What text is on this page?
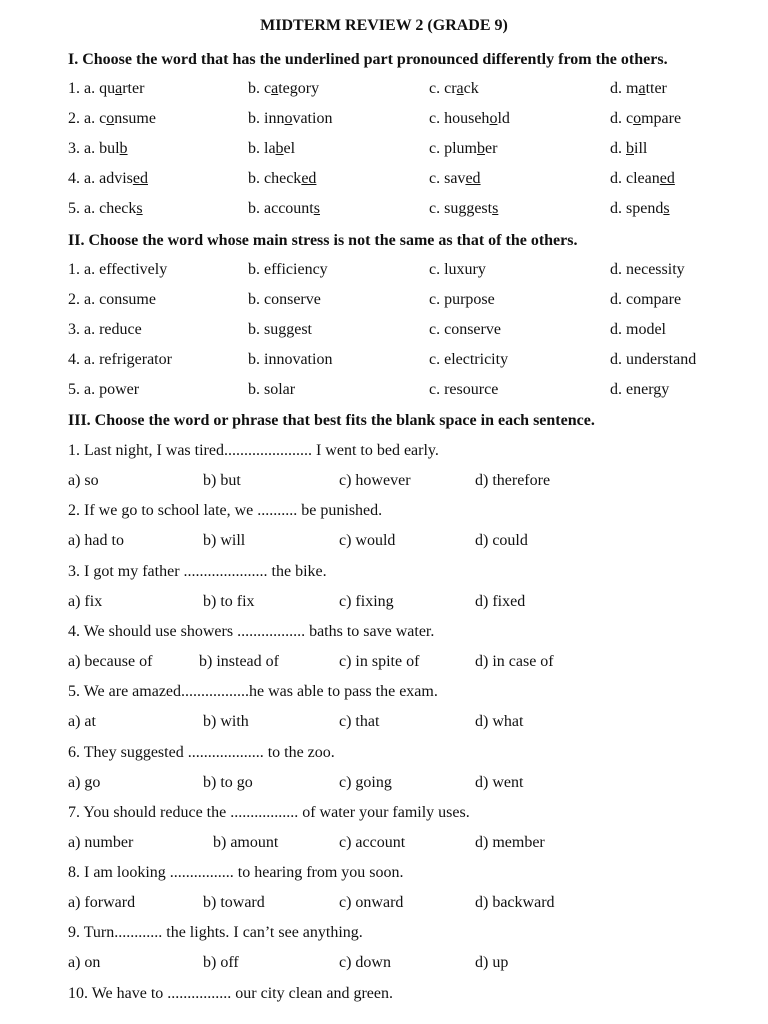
MIDTERM REVIEW 2 (GRADE 9)
I. Choose the word that has the underlined part pronounced differently from the others.
1. a. quarter	b. category	c. crack	d. matter
2. a. consume	b. innovation	c. household	d. compare
3. a. bulb	b. label	c. plumber	d. bill
4. a. advised	b. checked	c. saved	d. cleaned
5. a. checks	b. accounts	c. suggests	d. spends
II. Choose the word whose main stress is not the same as that of the others.
1. a. effectively	b. efficiency	c. luxury	d. necessity
2. a. consume	b. conserve	c. purpose	d. compare
3. a. reduce	b. suggest	c. conserve	d. model
4. a. refrigerator	b. innovation	c. electricity	d. understand
5. a. power	b. solar	c. resource	d. energy
III. Choose the word or phrase that best fits the blank space in each sentence.
1. Last night, I was tired...................... I went to bed early.
a) so	b) but	c) however	d) therefore
2. If we go to school late, we .......... be punished.
a) had to	b) will	c) would	d) could
3. I got my father ..................... the bike.
a) fix	b) to fix	c) fixing	d) fixed
4. We should use showers ................. baths to save water.
a) because of	b) instead of	c) in spite of	d) in case of
5. We are amazed.................he was able to pass the exam.
a) at	b) with	c) that	d) what
6. They suggested ................... to the zoo.
a) go	b) to go	c) going	d) went
7. You should reduce the ................. of water your family uses.
a) number	b) amount	c) account	d) member
8. I am looking ................ to hearing from you soon.
a) forward	b) toward	c) onward	d) backward
9. Turn............ the lights. I can’t see anything.
a) on	b) off	c) down	d) up
10. We have to ................ our city clean and green.
